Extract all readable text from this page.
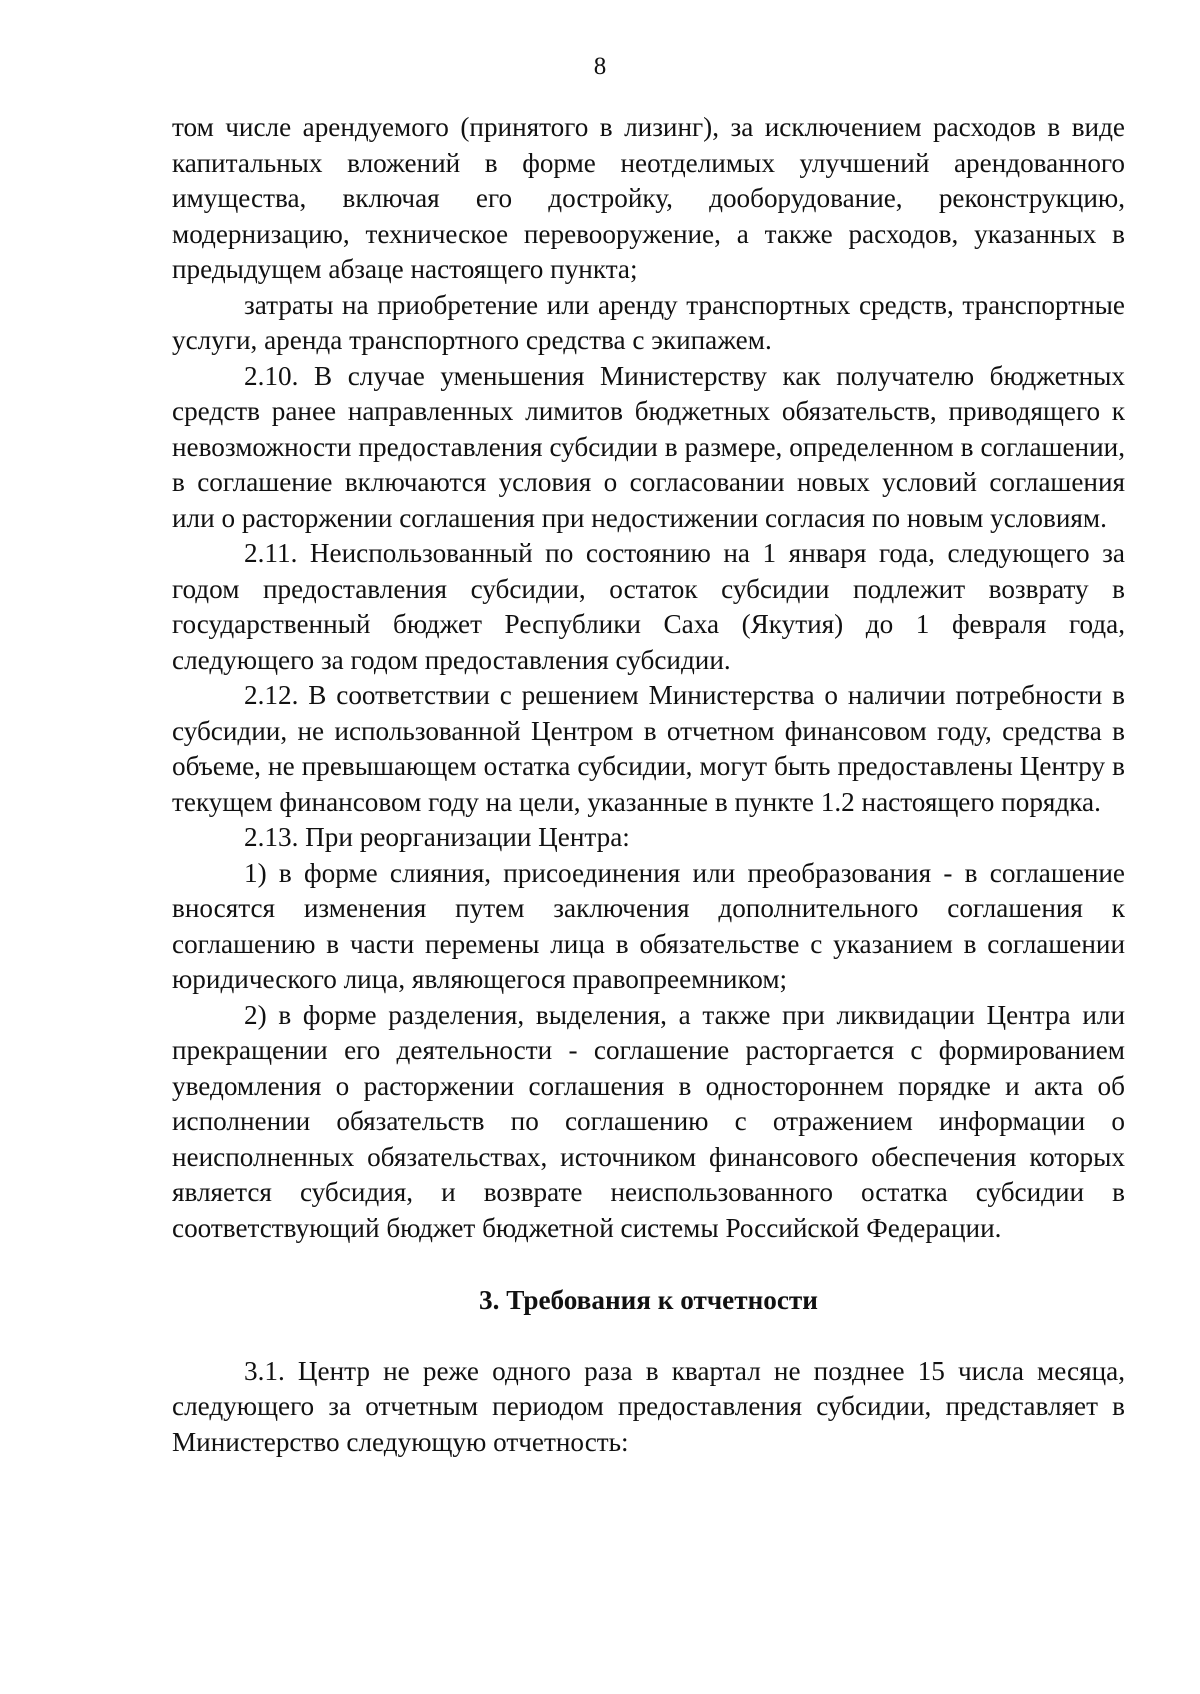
8

том числе арендуемого (принятого в лизинг), за исключением расходов в виде капитальных вложений в форме неотделимых улучшений арендованного имущества, включая его достройку, дооборудование, реконструкцию, модернизацию, техническое перевооружение, а также расходов, указанных в предыдущем абзаце настоящего пункта;

затраты на приобретение или аренду транспортных средств, транспортные услуги, аренда транспортного средства с экипажем.

2.10. В случае уменьшения Министерству как получателю бюджетных средств ранее направленных лимитов бюджетных обязательств, приводящего к невозможности предоставления субсидии в размере, определенном в соглашении, в соглашение включаются условия о согласовании новых условий соглашения или о расторжении соглашения при недостижении согласия по новым условиям.

2.11. Неиспользованный по состоянию на 1 января года, следующего за годом предоставления субсидии, остаток субсидии подлежит возврату в государственный бюджет Республики Саха (Якутия) до 1 февраля года, следующего за годом предоставления субсидии.

2.12. В соответствии с решением Министерства о наличии потребности в субсидии, не использованной Центром в отчетном финансовом году, средства в объеме, не превышающем остатка субсидии, могут быть предоставлены Центру в текущем финансовом году на цели, указанные в пункте 1.2 настоящего порядка.

2.13. При реорганизации Центра:

1) в форме слияния, присоединения или преобразования - в соглашение вносятся изменения путем заключения дополнительного соглашения к соглашению в части перемены лица в обязательстве с указанием в соглашении юридического лица, являющегося правопреемником;

2) в форме разделения, выделения, а также при ликвидации Центра или прекращении его деятельности - соглашение расторгается с формированием уведомления о расторжении соглашения в одностороннем порядке и акта об исполнении обязательств по соглашению с отражением информации о неисполненных обязательствах, источником финансового обеспечения которых является субсидия, и возврате неиспользованного остатка субсидии в соответствующий бюджет бюджетной системы Российской Федерации.

3. Требования к отчетности

3.1. Центр не реже одного раза в квартал не позднее 15 числа месяца, следующего за отчетным периодом предоставления субсидии, представляет в Министерство следующую отчетность:
